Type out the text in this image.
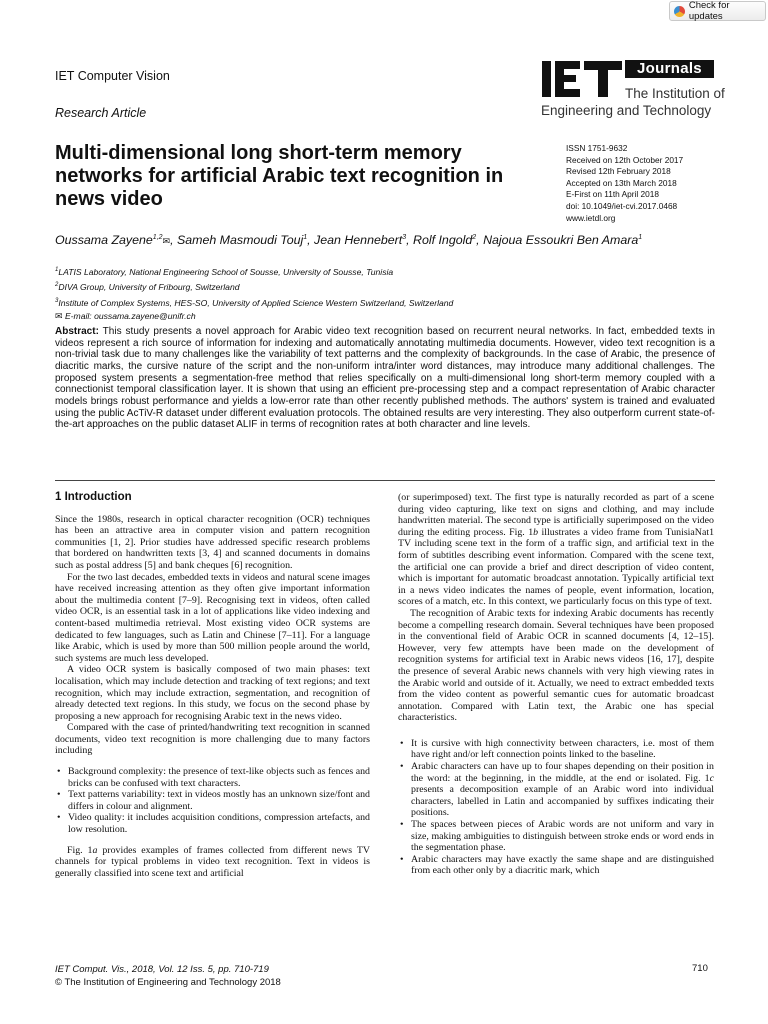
Check for updates
IET Computer Vision
Research Article
Journals
The Institution of
Engineering and Technology
Multi-dimensional long short-term memory networks for artificial Arabic text recognition in news video
ISSN 1751-9632
Received on 12th October 2017
Revised 12th February 2018
Accepted on 13th March 2018
E-First on 11th April 2018
doi: 10.1049/iet-cvi.2017.0468
www.ietdl.org
Oussama Zayene$^{1,2}$✉, Sameh Masmoudi Touj$^1$, Jean Hennebert$^3$, Rolf Ingold$^2$, Najoua Essoukri Ben Amara$^1$
$^1$LATIS Laboratory, National Engineering School of Sousse, University of Sousse, Tunisia
$^2$DIVA Group, University of Fribourg, Switzerland
$^3$Institute of Complex Systems, HES-SO, University of Applied Science Western Switzerland, Switzerland
✉ E-mail: oussama.zayene@unifr.ch

Abstract: This study presents a novel approach for Arabic video text recognition based on recurrent neural networks. In fact, embedded texts in videos represent a rich source of information for indexing and automatically annotating multimedia documents. However, video text recognition is a non-trivial task due to many challenges like the variability of text patterns and the complexity of backgrounds. In the case of Arabic, the presence of diacritic marks, the cursive nature of the script and the non-uniform intra/inter word distances, may introduce many additional challenges. The proposed system presents a segmentation-free method that relies specifically on a multi-dimensional long short-term memory coupled with a connectionist temporal classification layer. It is shown that using an efficient pre-processing step and a compact representation of Arabic character models brings robust performance and yields a low-error rate than other recently published methods. The authors' system is trained and evaluated using the public AcTiV-R dataset under different evaluation protocols. The obtained results are very interesting. They also outperform current state-of-the-art approaches on the public dataset ALIF in terms of recognition rates at both character and line levels.

1 Introduction

Since the 1980s, research in optical character recognition (OCR) techniques has been an attractive area in computer vision and pattern recognition communities [1, 2]. Prior studies have addressed specific research problems that bordered on handwritten texts [3, 4] and scanned documents in domains such as postal address [5] and bank cheques [6] recognition.

For the two last decades, embedded texts in videos and natural scene images have received increasing attention as they often give important information about the multimedia content [7–9]. Recognising text in videos, often called video OCR, is an essential task in a lot of applications like video indexing and content-based multimedia retrieval. Most existing video OCR systems are dedicated to few languages, such as Latin and Chinese [7–11]. For a language like Arabic, which is used by more than 500 million people around the world, such systems are much less developed.

A video OCR system is basically composed of two main phases: text localisation, which may include detection and tracking of text regions; and text recognition, which may include extraction, segmentation, and recognition of already detected text regions. In this study, we focus on the second phase by proposing a new approach for recognising Arabic text in the news video.

Compared with the case of printed/handwriting text recognition in scanned documents, video text recognition is more challenging due to many factors including

• Background complexity: the presence of text-like objects such as fences and bricks can be confused with text characters.
• Text patterns variability: text in videos mostly has an unknown size/font and differs in colour and alignment.
• Video quality: it includes acquisition conditions, compression artefacts, and low resolution.

Fig. 1a provides examples of frames collected from different news TV channels for typical problems in video text recognition. Text in videos is generally classified into scene text and artificial

(or superimposed) text. The first type is naturally recorded as part of a scene during video capturing, like text on signs and clothing, and may include handwritten material. The second type is artificially superimposed on the video during the editing process. Fig. 1b illustrates a video frame from TunisiaNat1 TV including scene text in the form of a traffic sign, and artificial text in the form of subtitles describing event information. Compared with the scene text, the artificial one can provide a brief and direct description of video content, which is important for automatic broadcast annotation. Typically artificial text in a news video indicates the names of people, event information, location, scores of a match, etc. In this context, we particularly focus on this type of text.

The recognition of Arabic texts for indexing Arabic documents has recently become a compelling research domain. Several techniques have been proposed in the conventional field of Arabic OCR in scanned documents [4, 12–15]. However, very few attempts have been made on the development of recognition systems for artificial text in Arabic news videos [16, 17], despite the presence of several Arabic news channels with very high viewing rates in the Arabic world and outside of it. Actually, we need to extract embedded texts from the video content as powerful semantic cues for automatic broadcast annotation. Compared with Latin text, the Arabic one has special characteristics.

• It is cursive with high connectivity between characters, i.e. most of them have right and/or left connection points linked to the baseline.
• Arabic characters can have up to four shapes depending on their position in the word: at the beginning, in the middle, at the end or isolated. Fig. 1c presents a decomposition example of an Arabic word into individual characters, labelled in Latin and accompanied by suffixes indicating their positions.
• The spaces between pieces of Arabic words are not uniform and vary in size, making ambiguities to distinguish between stroke ends or word ends in the segmentation phase.
• Arabic characters may have exactly the same shape and are distinguished from each other only by a diacritic mark, which
IET Comput. Vis., 2018, Vol. 12 Iss. 5, pp. 710-719
© The Institution of Engineering and Technology 2018
710
